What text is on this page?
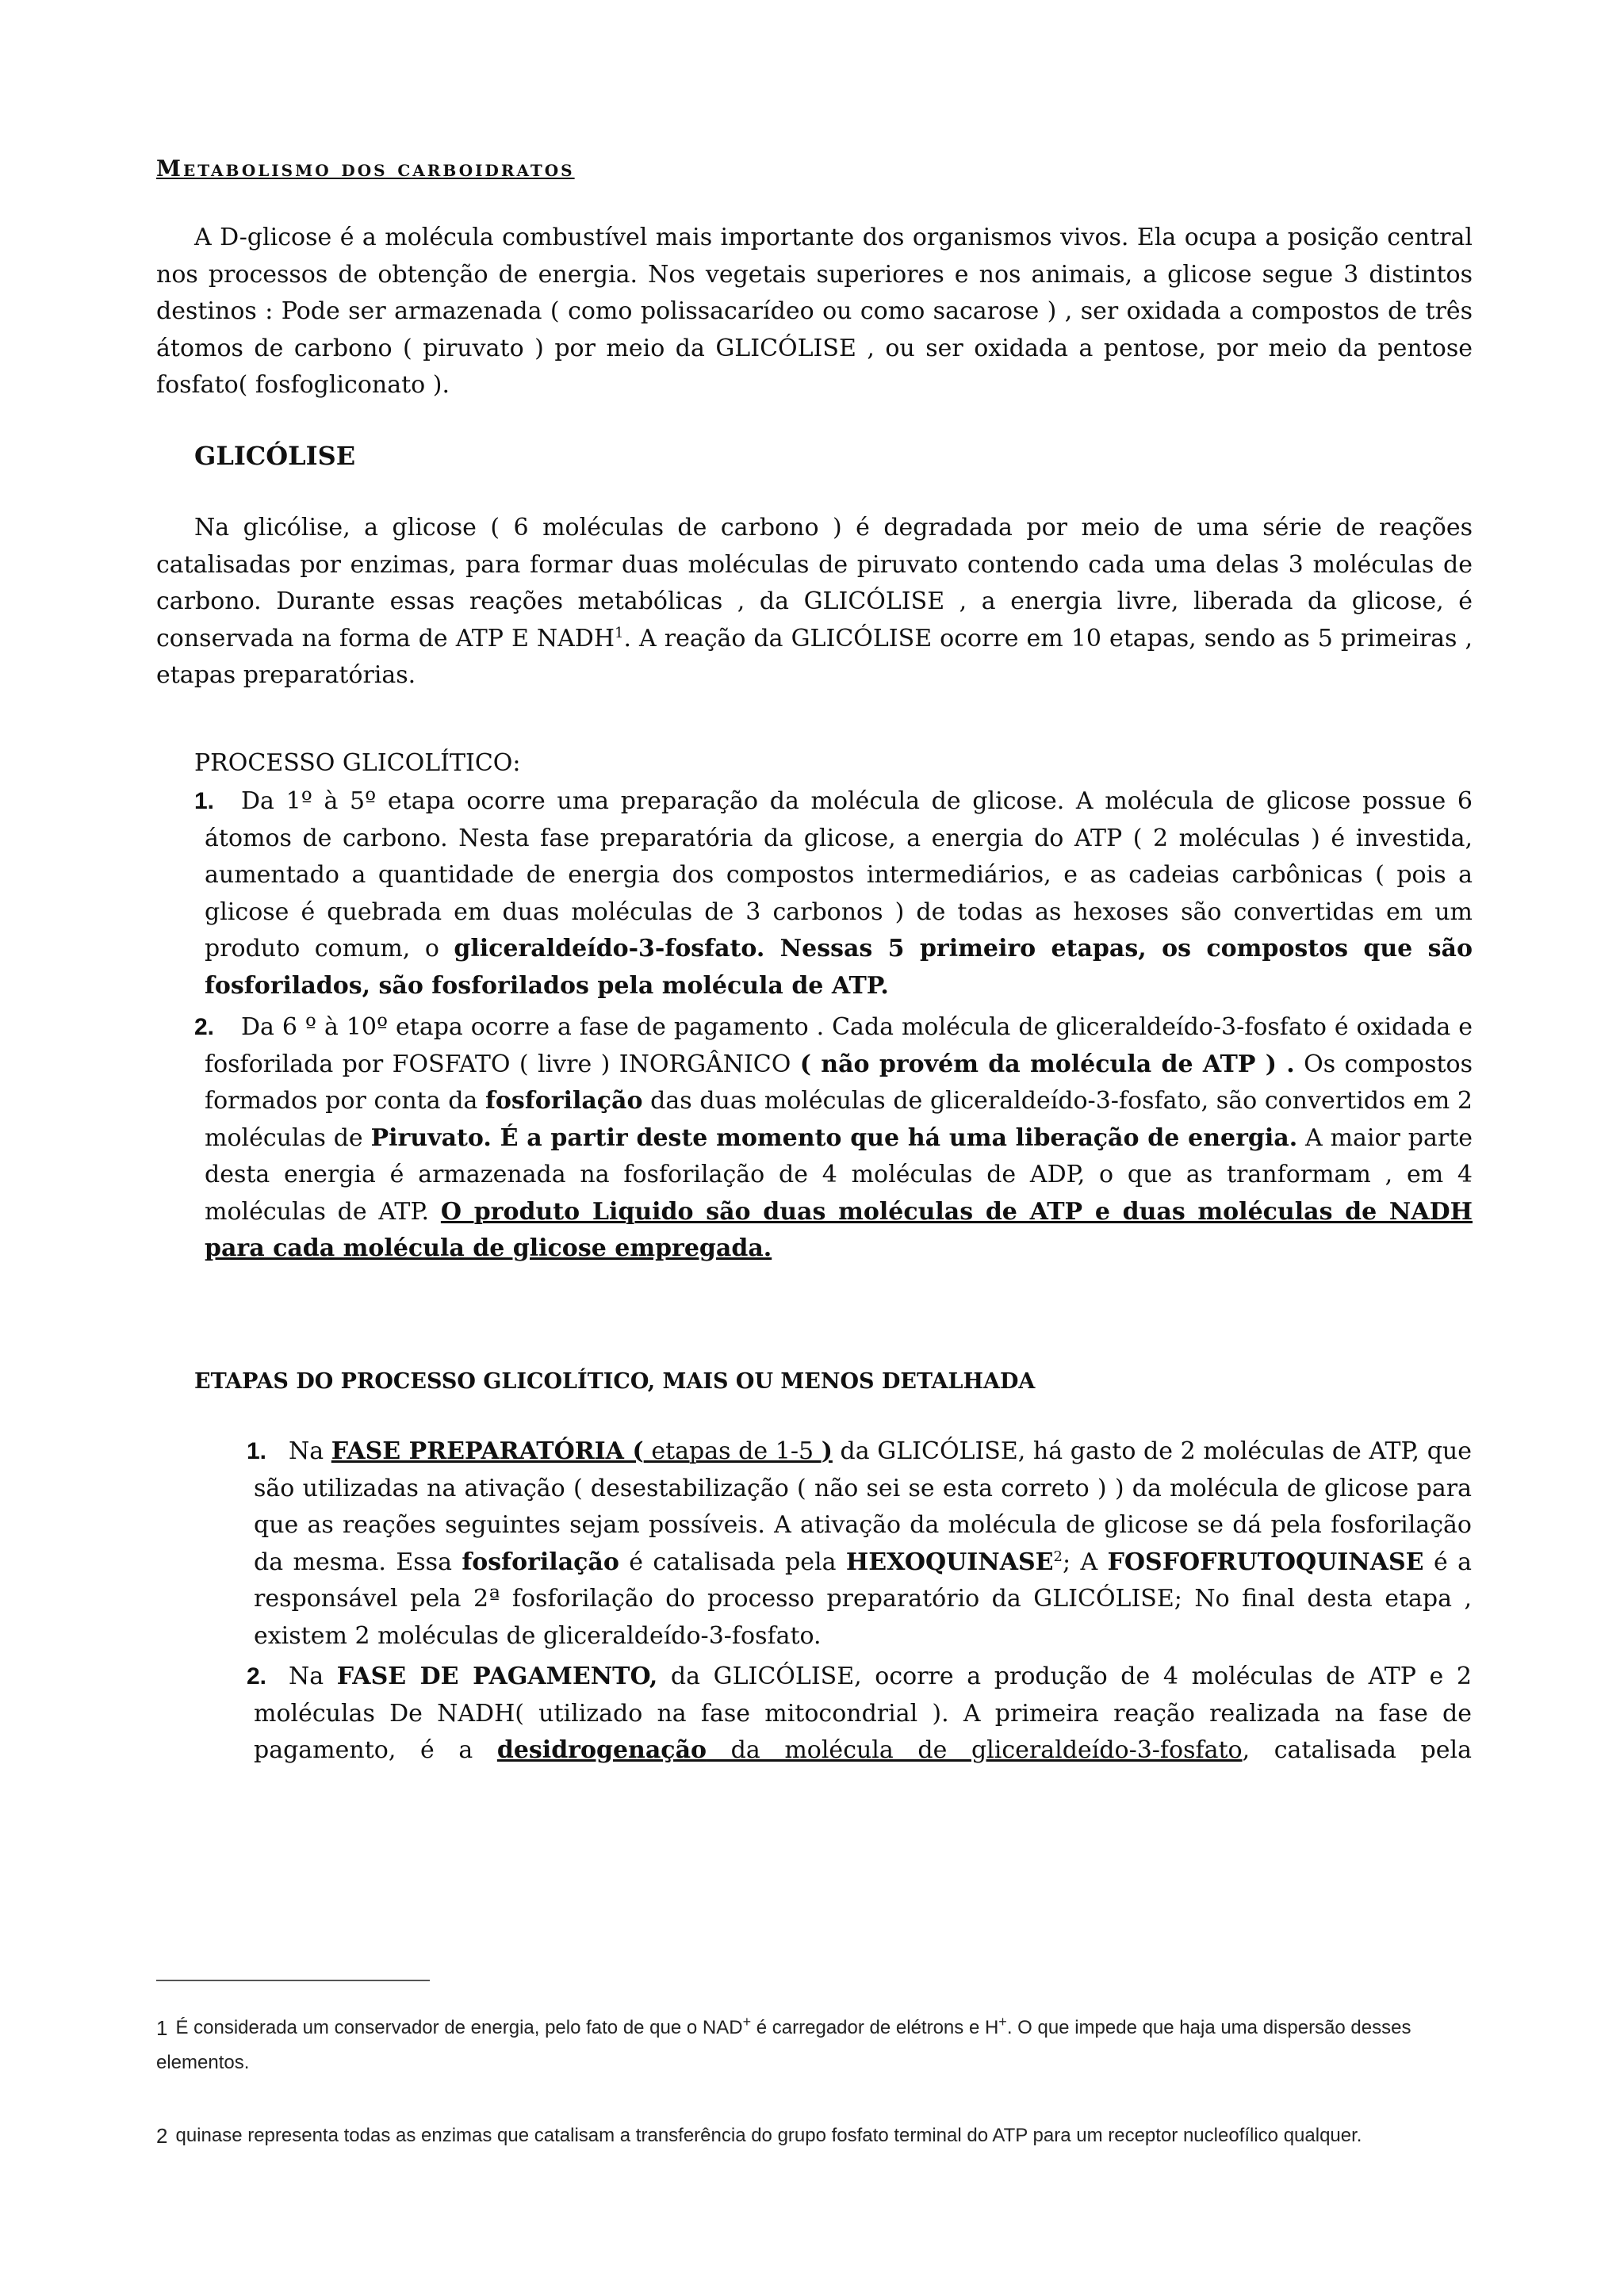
Metabolismo dos carboidratos
A D-glicose é a molécula combustível mais importante dos organismos vivos. Ela ocupa a posição central nos processos de obtenção de energia. Nos vegetais superiores e nos animais, a glicose segue 3 distintos destinos : Pode ser armazenada ( como polissacarídeo ou como sacarose ) , ser oxidada a compostos de três átomos de carbono ( piruvato ) por meio da GLICÓLISE , ou ser oxidada a pentose, por meio da pentose fosfato( fosfogliconato ).
GLICÓLISE
Na glicólise, a glicose ( 6 moléculas de carbono ) é degradada por meio de uma série de reações catalisadas por enzimas, para formar duas moléculas de piruvato contendo cada uma delas 3 moléculas de carbono. Durante essas reações metabólicas , da GLICÓLISE , a energia livre, liberada da glicose, é conservada na forma de ATP E NADH$^1$. A reação da GLICÓLISE ocorre em 10 etapas, sendo as 5 primeiras , etapas preparatórias.
PROCESSO GLICOLÍTICO:
1.	Da 1º à 5º etapa ocorre uma preparação da molécula de glicose. A molécula de glicose possue 6 átomos de carbono. Nesta fase preparatória da glicose, a energia do ATP ( 2 moléculas ) é investida, aumentado a quantidade de energia dos compostos intermediários, e as cadeias carbônicas ( pois a glicose é quebrada em duas moléculas de 3 carbonos ) de todas as hexoses são convertidas em um produto comum, o gliceraldeído-3-fosfato. Nessas 5 primeiro etapas, os compostos que são fosforilados, são fosforilados pela molécula de ATP.
2.	Da 6 º à 10º etapa ocorre a fase de pagamento . Cada molécula de gliceraldeído-3-fosfato é oxidada e fosforilada por FOSFATO ( livre ) INORGÂNICO ( não provém da molécula de ATP ) . Os compostos formados por conta da fosforilação das duas moléculas de gliceraldeído-3-fosfato, são convertidos em 2 moléculas de Piruvato. É a partir deste momento que há uma liberação de energia. A maior parte desta energia é armazenada na fosforilação de 4 moléculas de ADP, o que as tranformam , em 4 moléculas de ATP. O produto Liquido são duas moléculas de ATP e duas moléculas de NADH para cada molécula de glicose empregada.
ETAPAS DO PROCESSO GLICOLÍTICO, MAIS OU MENOS DETALHADA
1. Na FASE PREPARATÓRIA ( etapas de 1-5 ) da GLICÓLISE, há gasto de 2 moléculas de ATP, que são utilizadas na ativação ( desestabilização ( não sei se esta correto ) ) da molécula de glicose para que as reações seguintes sejam possíveis. A ativação da molécula de glicose se dá pela fosforilação da mesma. Essa fosforilação é catalisada pela HEXOQUINASE$^2$; A FOSFOFRUTOQUINASE é a responsável pela 2ª fosforilação do processo preparatório da GLICÓLISE; No final desta etapa , existem 2 moléculas de gliceraldeído-3-fosfato.
2. Na FASE DE PAGAMENTO, da GLICÓLISE, ocorre a produção de 4 moléculas de ATP e 2 moléculas De NADH( utilizado na fase mitocondrial ). A primeira reação realizada na fase de pagamento, é a desidrogenação da molécula de gliceraldeído-3-fosfato, catalisada pela
1 É considerada um conservador de energia, pelo fato de que o NAD+ é carregador de elétrons e H+. O que impede que haja uma dispersão desses elementos.
2 quinase representa todas as enzimas que catalisam a transferência do grupo fosfato terminal do ATP para um receptor nucleofílico qualquer.
